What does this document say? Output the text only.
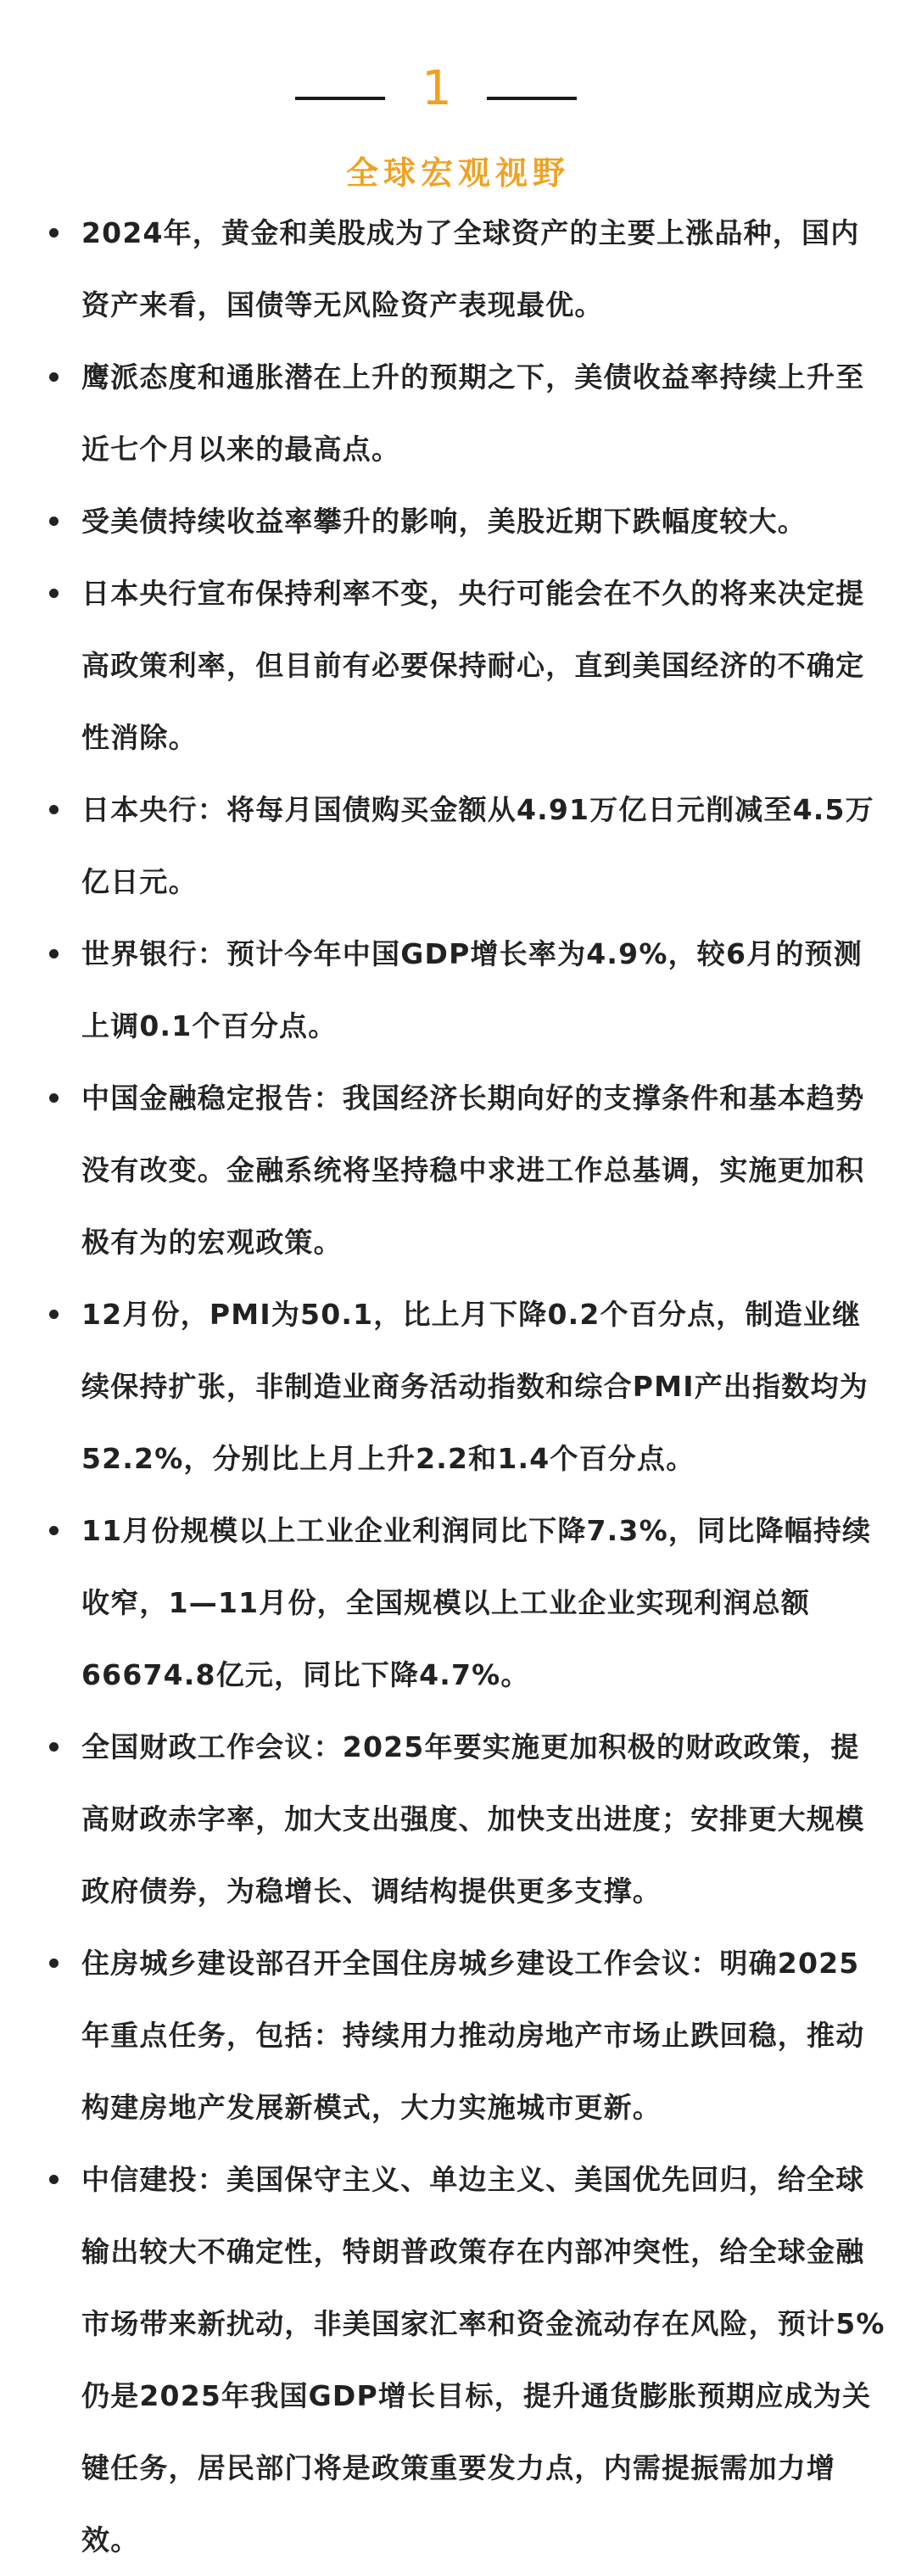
1
全球宏观视野
2024年，黄金和美股成为了全球资产的主要上涨品种，国内资产来看，国债等无风险资产表现最优。
鹰派态度和通胀潜在上升的预期之下，美债收益率持续上升至近七个月以来的最高点。
受美债持续收益率攀升的影响，美股近期下跌幅度较大。
日本央行宣布保持利率不变，央行可能会在不久的将来决定提高政策利率，但目前有必要保持耐心，直到美国经济的不确定性消除。
日本央行：将每月国债购买金额从4.91万亿日元削减至4.5万亿日元。
世界银行：预计今年中国GDP增长率为4.9%，较6月的预测上调0.1个百分点。
中国金融稳定报告：我国经济长期向好的支撑条件和基本趋势没有改变。金融系统将坚持稳中求进工作总基调，实施更加积极有为的宏观政策。
12月份，PMI为50.1，比上月下降0.2个百分点，制造业继续保持扩张，非制造业商务活动指数和综合PMI产出指数均为52.2%，分别比上月上升2.2和1.4个百分点。
11月份规模以上工业企业利润同比下降7.3%，同比降幅持续收窄，1—11月份，全国规模以上工业企业实现利润总额66674.8亿元，同比下降4.7%。
全国财政工作会议：2025年要实施更加积极的财政政策，提高财政赤字率，加大支出强度、加快支出进度；安排更大规模政府债券，为稳增长、调结构提供更多支撑。
住房城乡建设部召开全国住房城乡建设工作会议：明确2025年重点任务，包括：持续用力推动房地产市场止跌回稳，推动构建房地产发展新模式，大力实施城市更新。
中信建投：美国保守主义、单边主义、美国优先回归，给全球输出较大不确定性，特朗普政策存在内部冲突性，给全球金融市场带来新扰动，非美国家汇率和资金流动存在风险，预计5%仍是2025年我国GDP增长目标，提升通货膨胀预期应成为关键任务，居民部门将是政策重要发力点，内需提振需加力增效。
